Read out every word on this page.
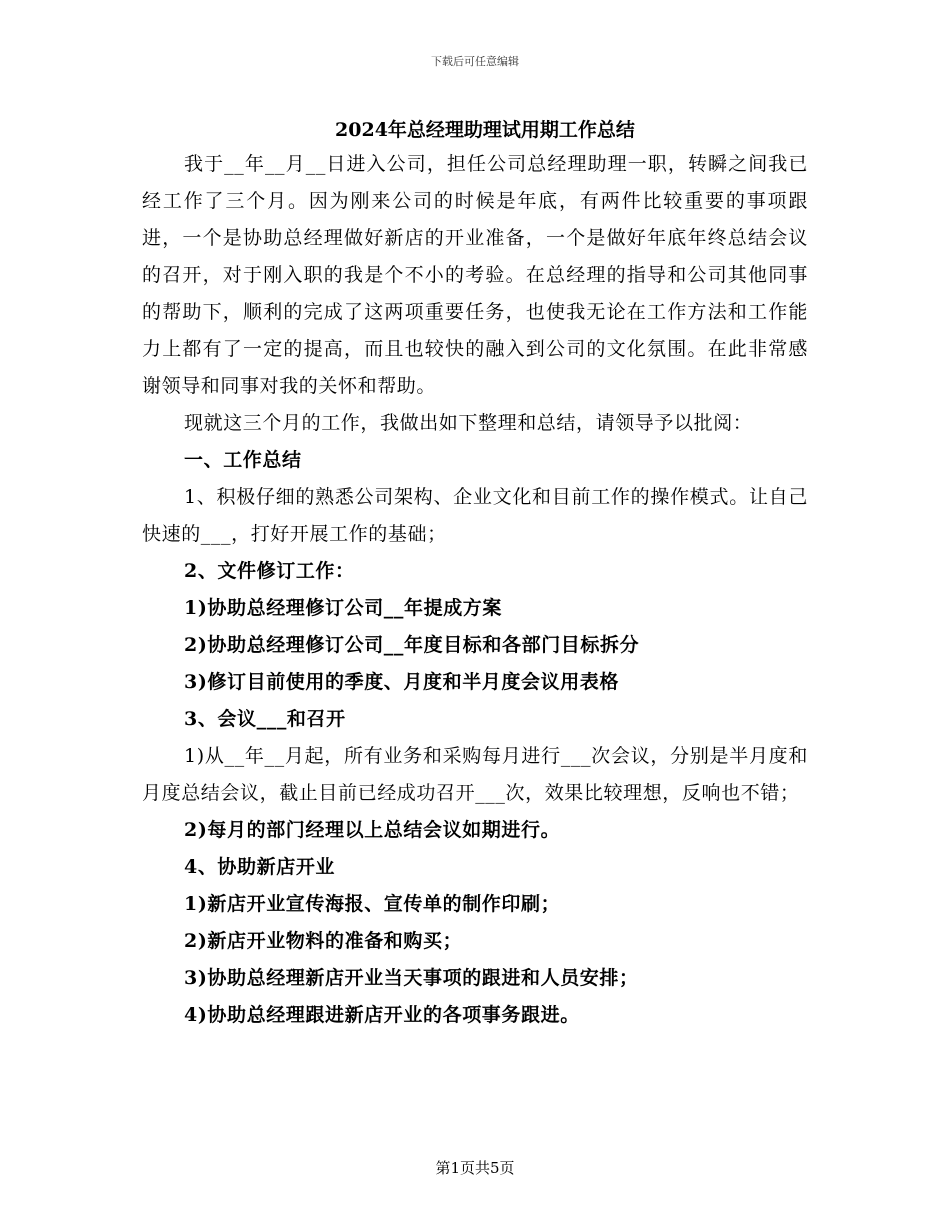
下载后可任意编辑
2024年总经理助理试用期工作总结

我于__年__月__日进入公司，担任公司总经理助理一职，转瞬之间我已经工作了三个月。因为刚来公司的时候是年底，有两件比较重要的事项跟进，一个是协助总经理做好新店的开业准备，一个是做好年底年终总结会议的召开，对于刚入职的我是个不小的考验。在总经理的指导和公司其他同事的帮助下，顺利的完成了这两项重要任务，也使我无论在工作方法和工作能力上都有了一定的提高，而且也较快的融入到公司的文化氛围。在此非常感谢领导和同事对我的关怀和帮助。

现就这三个月的工作，我做出如下整理和总结，请领导予以批阅：

一、工作总结

1、积极仔细的熟悉公司架构、企业文化和目前工作的操作模式。让自己快速的___，打好开展工作的基础；

2、文件修订工作：

1)协助总经理修订公司__年提成方案

2)协助总经理修订公司__年度目标和各部门目标拆分

3)修订目前使用的季度、月度和半月度会议用表格

3、会议___和召开

1)从__年__月起，所有业务和采购每月进行___次会议，分别是半月度和月度总结会议，截止目前已经成功召开___次，效果比较理想，反响也不错；

2)每月的部门经理以上总结会议如期进行。

4、协助新店开业

1)新店开业宣传海报、宣传单的制作印刷；

2)新店开业物料的准备和购买；

3)协助总经理新店开业当天事项的跟进和人员安排；

4)协助总经理跟进新店开业的各项事务跟进。

第1页共5页
